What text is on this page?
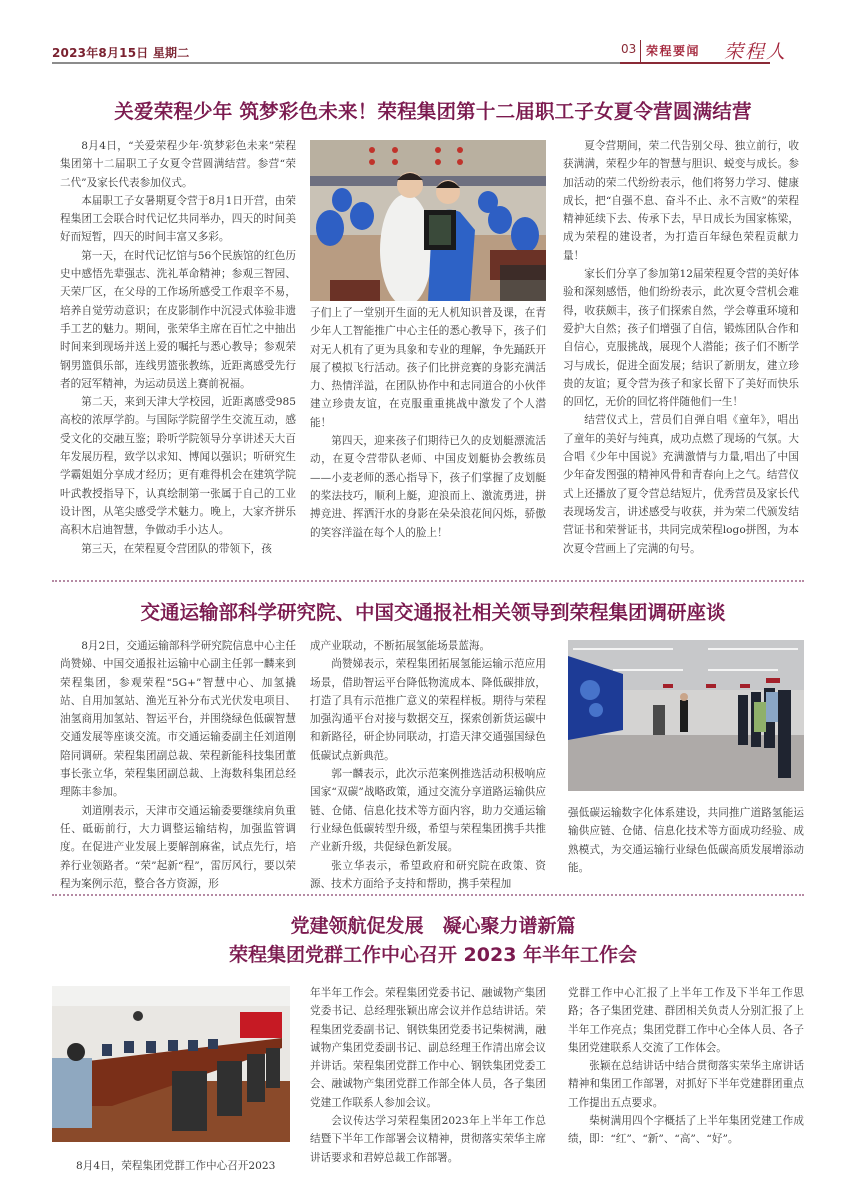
2023年8月15日 星期二	03 荣程要闻 荣程人
关爱荣程少年 筑梦彩色未来！荣程集团第十二届职工子女夏令营圆满结营

8月4日，“关爱荣程少年·筑梦彩色未来”荣程集团第十二届职工子女夏令营圆满结营。参营“荣二代”及家长代表参加仪式。

本届职工子女暑期夏令营于8月1日开营，由荣程集团工会联合时代记忆共同举办，四天的时间美好而短暂，四天的时间丰富又多彩。

第一天，在时代记忆馆与56个民族馆的红色历史中感悟先辈强志、洗礼革命精神；参观三智园、天荣厂区，在父母的工作场所感受工作艰辛不易，培养自觉劳动意识；在皮影制作中沉浸式体验非遗手工艺的魅力。期间，张荣华主席在百忙之中抽出时间来到现场并送上爱的嘱托与悉心教导；参观荣钢男篮俱乐部，连线男篮张教练，近距离感受先行者的冠军精神，为运动员送上赛前祝福。

第二天，来到天津大学校园，近距离感受985高校的浓厚学韵。与国际学院留学生交流互动，感受文化的交融互鉴；聆听学院领导分享讲述天大百年发展历程，致学以求知、博闻以强识；听研究生学霸姐姐分享成才经历；更有难得机会在建筑学院叶武教授指导下，认真绘制第一张属于自己的工业设计图，从笔尖感受学术魅力。晚上，大家齐拼乐高积木启迪智慧，争做动手小达人。

第三天，在荣程夏令营团队的带领下，孩

子们上了一堂别开生面的无人机知识普及课，在青少年人工智能推广中心主任的悉心教导下，孩子们对无人机有了更为具象和专业的理解，争先踊跃开展了模拟飞行活动。孩子们比拼竞赛的身影充满活力、热情洋溢，在团队协作中和志同道合的小伙伴建立珍贵友谊，在克服重重挑战中激发了个人潜能！

第四天，迎来孩子们期待已久的皮划艇漂流活动，在夏令营带队老师、中国皮划艇协会教练员——小麦老师的悉心指导下，孩子们掌握了皮划艇的桨法技巧，顺利上艇，迎浪而上、激流勇进，拼搏竞进、挥洒汗水的身影在朵朵浪花间闪烁，骄傲的笑容洋溢在每个人的脸上！

夏令营期间，荣二代告别父母、独立前行，收获满满，荣程少年的智慧与胆识、蜕变与成长。参加活动的荣二代纷纷表示，他们将努力学习、健康成长，把“自强不息、奋斗不止、永不言败”的荣程精神延续下去、传承下去，早日成长为国家栋梁，成为荣程的建设者，为打造百年绿色荣程贡献力量！

家长们分享了参加第12届荣程夏令营的美好体验和深刻感悟，他们纷纷表示，此次夏令营机会难得，收获颇丰，孩子们探索自然，学会尊重环境和爱护大自然；孩子们增强了自信，锻炼团队合作和自信心，克服挑战，展现个人潜能；孩子们不断学习与成长，促进全面发展；结识了新朋友，建立珍贵的友谊；夏令营为孩子和家长留下了美好而快乐的回忆，无价的回忆将伴随他们一生！

结营仪式上，营员们自弹自唱《童年》，唱出了童年的美好与纯真，成功点燃了现场的气氛。大合唱《少年中国说》充满激情与力量,唱出了中国少年奋发图强的精神风骨和青春向上之气。结营仪式上还播放了夏令营总结短片，优秀营员及家长代表现场发言，讲述感受与收获，并为荣二代颁发结营证书和荣誉证书，共同完成荣程logo拼图，为本次夏令营画上了完满的句号。

交通运输部科学研究院、中国交通报社相关领导到荣程集团调研座谈

8月2日，交通运输部科学研究院信息中心主任尚赞娣、中国交通报社运输中心副主任郭一麟来到荣程集团，参观荣程“5G+”智慧中心、加氢撬站、自用加氢站、渔光互补分布式光伏发电项目、油氢商用加氢站、智运平台，并围绕绿色低碳智慧交通发展等座谈交流。市交通运输委副主任刘道刚陪同调研。荣程集团副总裁、荣程新能科技集团董事长张立华，荣程集团副总裁、上海数科集团总经理陈丰参加。

刘道刚表示，天津市交通运输委要继续肩负重任、砥砺前行，大力调整运输结构，加强监管调度。在促进产业发展上要解剖麻雀，试点先行，培养行业领路者。“荣”起新“程”，雷厉风行，要以荣程为案例示范，整合各方资源，形

成产业联动，不断拓展氢能场景蓝海。

尚赞娣表示，荣程集团拓展氢能运输示范应用场景，借助智运平台降低物流成本、降低碳排放，打造了具有示范推广意义的荣程样板。期待与荣程加强沟通平台对接与数据交互，探索创新货运碳中和新路径，研企协同联动，打造天津交通强国绿色低碳试点新典范。

郭一麟表示，此次示范案例推选活动积极响应国家“双碳”战略政策，通过交流分享道路运输供应链、仓储、信息化技术等方面内容，助力交通运输行业绿色低碳转型升级，希望与荣程集团携手共推产业新升级，共促绿色新发展。

张立华表示，希望政府和研究院在政策、资源、技术方面给予支持和帮助，携手荣程加

强低碳运输数字化体系建设，共同推广道路氢能运输供应链、仓储、信息化技术等方面成功经验、成熟模式，为交通运输行业绿色低碳高质发展增添动能。

党建领航促发展　凝心聚力谱新篇
荣程集团党群工作中心召开 2023 年半年工作会
8月4日，荣程集团党群工作中心召开2023

年半年工作会。荣程集团党委书记、融诚物产集团党委书记、总经理张颖出席会议并作总结讲话。荣程集团党委副书记、钢铁集团党委书记柴树满，融诚物产集团党委副书记、副总经理王作清出席会议并讲话。荣程集团党群工作中心、钢铁集团党委工会、融诚物产集团党群工作部全体人员，各子集团党建工作联系人参加会议。

会议传达学习荣程集团2023年上半年工作总结暨下半年工作部署会议精神，贯彻落实荣华主席讲话要求和君婷总裁工作部署。

党群工作中心汇报了上半年工作及下半年工作思路；各子集团党建、群团相关负责人分别汇报了上半年工作亮点；集团党群工作中心全体人员、各子集团党建联系人交流了工作体会。

张颖在总结讲话中结合贯彻落实荣华主席讲话精神和集团工作部署，对抓好下半年党建群团重点工作提出五点要求。

柴树满用四个字概括了上半年集团党建工作成绩，即：“红”、“新”、“高”、“好”。
